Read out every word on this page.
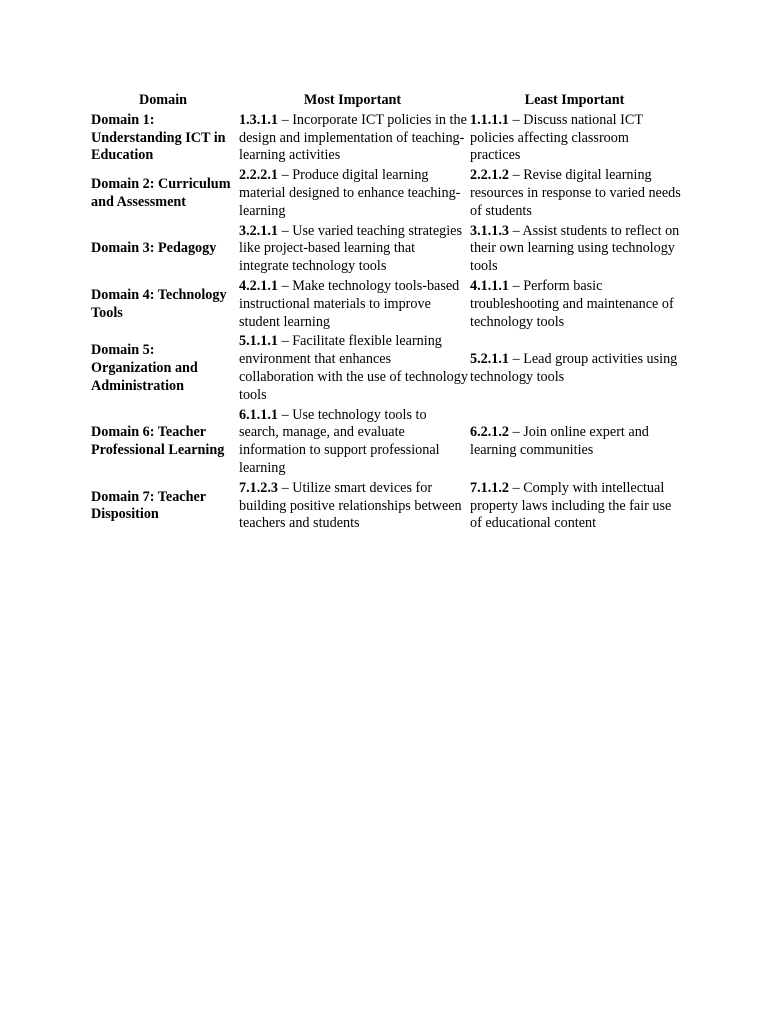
Domain	Most Important	Least Important
Domain 1: Understanding ICT in Education	1.3.1.1 – Incorporate ICT policies in the design and implementation of teaching-learning activities	1.1.1.1 – Discuss national ICT policies affecting classroom practices
Domain 2: Curriculum and Assessment	2.2.2.1 – Produce digital learning material designed to enhance teaching-learning	2.2.1.2 – Revise digital learning resources in response to varied needs of students
Domain 3: Pedagogy	3.2.1.1 – Use varied teaching strategies like project-based learning that integrate technology tools	3.1.1.3 – Assist students to reflect on their own learning using technology tools
Domain 4: Technology Tools	4.2.1.1 – Make technology tools-based instructional materials to improve student learning	4.1.1.1 – Perform basic troubleshooting and maintenance of technology tools
Domain 5: Organization and Administration	5.1.1.1 – Facilitate flexible learning environment that enhances collaboration with the use of technology tools	5.2.1.1 – Lead group activities using technology tools
Domain 6: Teacher Professional Learning	6.1.1.1 – Use technology tools to search, manage, and evaluate information to support professional learning	6.2.1.2 – Join online expert and learning communities
Domain 7: Teacher Disposition	7.1.2.3 – Utilize smart devices for building positive relationships between teachers and students	7.1.1.2 – Comply with intellectual property laws including the fair use of educational content
